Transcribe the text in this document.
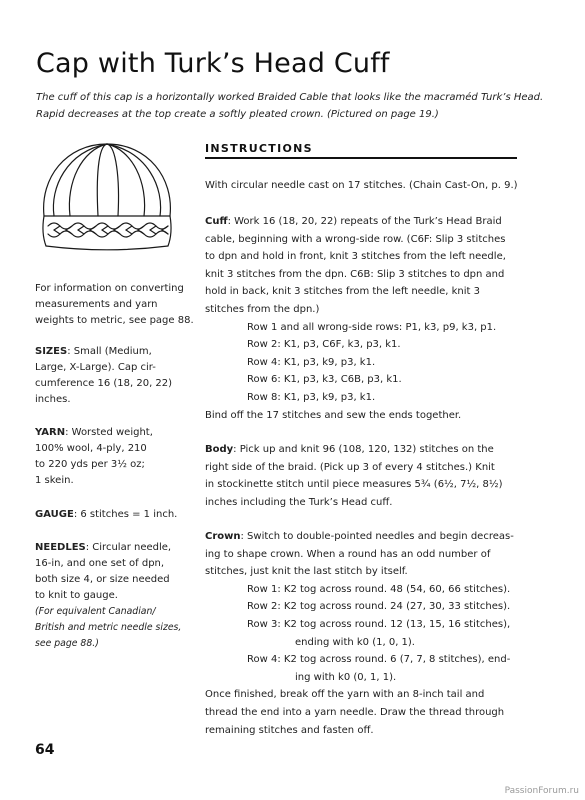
Cap with Turk’s Head Cuff
The cuff of this cap is a horizontally worked Braided Cable that looks like the macraméd Turk’s Head.
Rapid decreases at the top create a softly pleated crown. (Pictured on page 19.)
For information on converting
measurements and yarn
weights to metric, see page 88.
SIZES: Small (Medium,
Large, X-Large). Cap cir-
cumference 16 (18, 20, 22)
inches.
YARN: Worsted weight,
100% wool, 4-ply, 210
to 220 yds per 3½ oz;
1 skein.
GAUGE: 6 stitches = 1 inch.
NEEDLES: Circular needle,
16-in, and one set of dpn,
both size 4, or size needed
to knit to gauge.
(For equivalent Canadian/
British and metric needle sizes,
see page 88.)
INSTRUCTIONS
With circular needle cast on 17 stitches. (Chain Cast-On, p. 9.)
Cuff: Work 16 (18, 20, 22) repeats of the Turk’s Head Braid
cable, beginning with a wrong-side row. (C6F: Slip 3 stitches
to dpn and hold in front, knit 3 stitches from the left needle,
knit 3 stitches from the dpn. C6B: Slip 3 stitches to dpn and
hold in back, knit 3 stitches from the left needle, knit 3
stitches from the dpn.)
Row 1 and all wrong-side rows: P1, k3, p9, k3, p1.
Row 2: K1, p3, C6F, k3, p3, k1.
Row 4: K1, p3, k9, p3, k1.
Row 6: K1, p3, k3, C6B, p3, k1.
Row 8: K1, p3, k9, p3, k1.
Bind off the 17 stitches and sew the ends together.
Body: Pick up and knit 96 (108, 120, 132) stitches on the
right side of the braid. (Pick up 3 of every 4 stitches.) Knit
in stockinette stitch until piece measures 5¾ (6½, 7½, 8½)
inches including the Turk’s Head cuff.
Crown: Switch to double-pointed needles and begin decreas-
ing to shape crown. When a round has an odd number of
stitches, just knit the last stitch by itself.
Row 1: K2 tog across round. 48 (54, 60, 66 stitches).
Row 2: K2 tog across round. 24 (27, 30, 33 stitches).
Row 3: K2 tog across round. 12 (13, 15, 16 stitches),
ending with k0 (1, 0, 1).
Row 4: K2 tog across round. 6 (7, 7, 8 stitches), end-
ing with k0 (0, 1, 1).
Once finished, break off the yarn with an 8-inch tail and
thread the end into a yarn needle. Draw the thread through
remaining stitches and fasten off.
64
PassionForum.ru
